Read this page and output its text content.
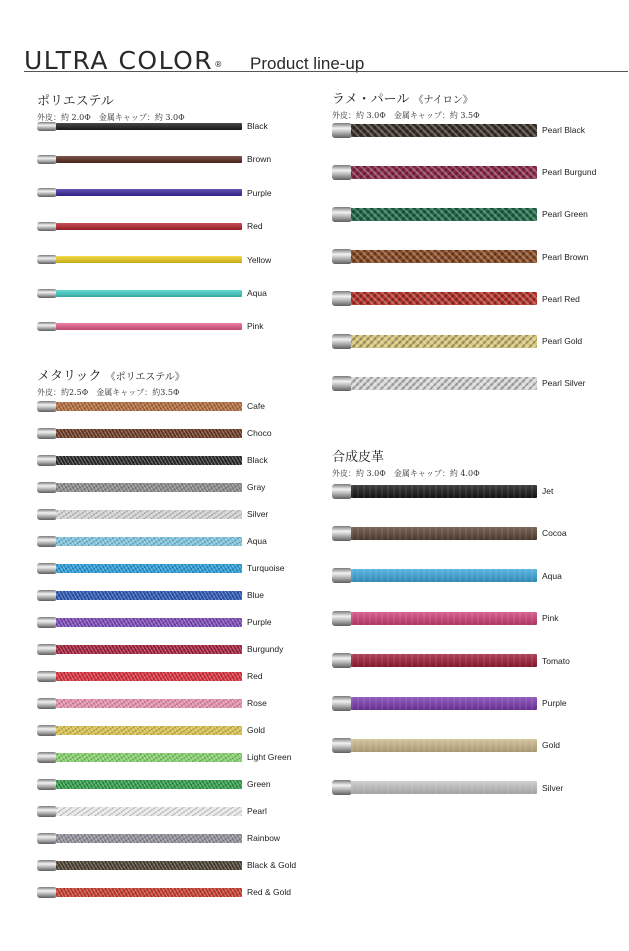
ULTRA COLOR® Product line-up
ポリエステル
外皮：約 2.0Φ　金属キャップ：約 3.0Φ
Black
Brown
Purple
Red
Yellow
Aqua
Pink
メタリック 《ポリエステル》
外皮：約2.5Φ　金属キャップ：約3.5Φ
Cafe
Choco
Black
Gray
Silver
Aqua
Turquoise
Blue
Purple
Burgundy
Red
Rose
Gold
Light Green
Green
Pearl
Rainbow
Black & Gold
Red & Gold
ラメ・パール 《ナイロン》
外皮：約 3.0Φ　金属キャップ：約 3.5Φ
Pearl Black
Pearl Burgund
Pearl Green
Pearl Brown
Pearl Red
Pearl Gold
Pearl Silver
合成皮革
外皮：約 3.0Φ　金属キャップ：約 4.0Φ
Jet
Cocoa
Aqua
Pink
Tomato
Purple
Gold
Silver
